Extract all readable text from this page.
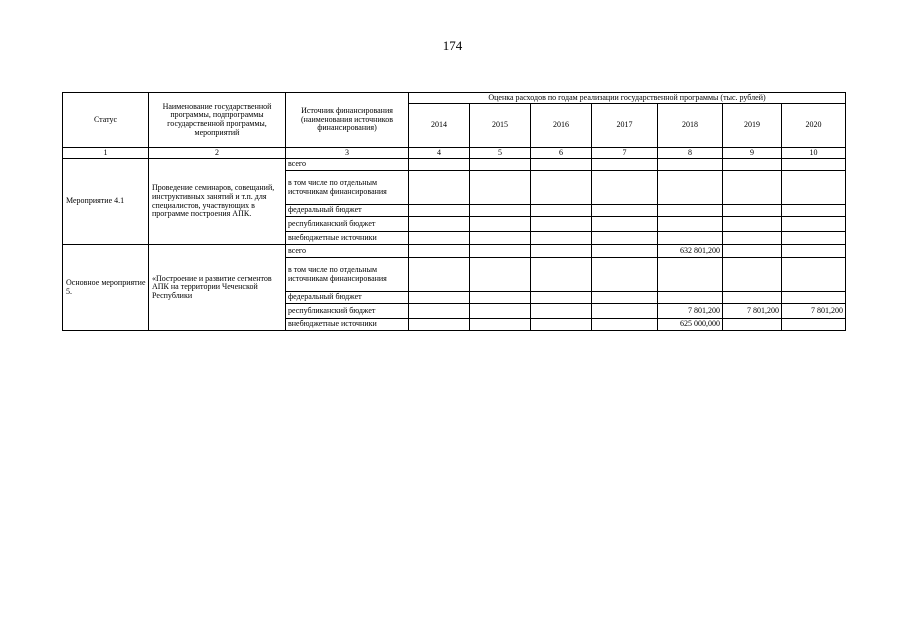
174
Статус	Наименование государственной программы, подпрограммы государственной программы, мероприятий	Источник финансирования (наименования источников финансирования)	Оценка расходов по годам реализации государственной программы (тыс. рублей)						
			2014	2015	2016	2017	2018	2019	2020
1	2	3	4	5	6	7	8	9	10
Мероприятие 4.1	Проведение семинаров, совещаний, инструктивных занятий и т.п. для специалистов, участвующих в программе построения АПК.	всего							
		в том числе по отдельным источникам финансирования							
		федеральный бюджет							
		республиканский бюджет							
		внебюджетные источники							
Основное мероприятие 5.	«Построение и развитие сегментов АПК на территории Чеченской Республики	всего					632 801,200		
		в том числе по отдельным источникам финансирования							
		федеральный бюджет							
		республиканский бюджет					7 801,200	7 801,200	7 801,200
		внебюджетные источники					625 000,000		
